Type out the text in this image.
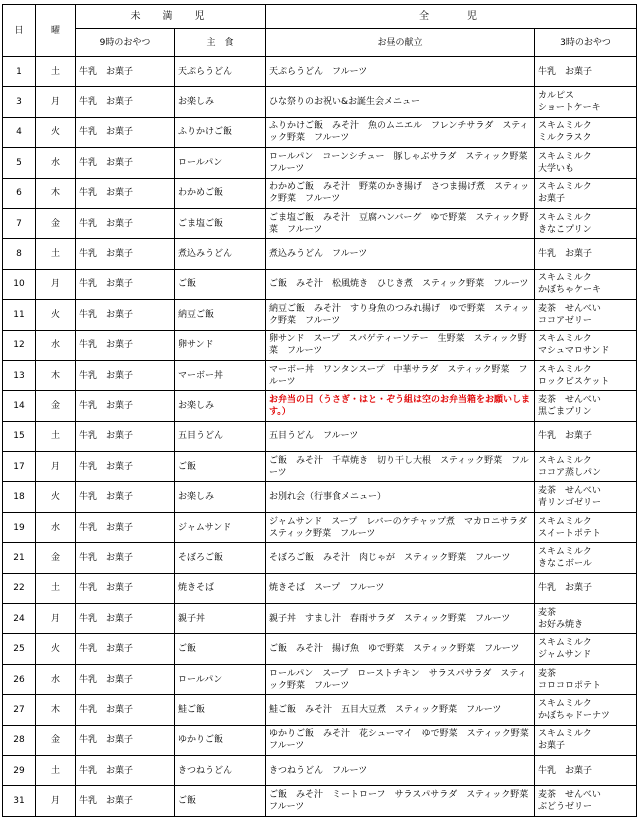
日	曜	未　満　児		全　　児	
		9時のおやつ	主　食	お昼の献立	3時のおやつ
1	土	牛乳　お菓子	天ぷらうどん	天ぷらうどん　フルーツ	牛乳　お菓子

3	月	牛乳　お菓子	お楽しみ	ひな祭りのお祝い&お誕生会メニュー	カルピス
ショートケーキ

4	火	牛乳　お菓子	ふりかけご飯	ふりかけご飯　みそ汁　魚のムニエル　フレンチサラダ　スティック野菜　フルーツ	スキムミルク
ミルクラスク

5	水	牛乳　お菓子	ロールパン	ロールパン　コーンシチュー　豚しゃぶサラダ　スティック野菜　フルーツ	スキムミルク
大学いも

6	木	牛乳　お菓子	わかめご飯	わかめご飯　みそ汁　野菜のかき揚げ　さつま揚げ煮　スティック野菜　フルーツ	スキムミルク
お菓子

7	金	牛乳　お菓子	ごま塩ご飯	ごま塩ご飯　みそ汁　豆腐ハンバーグ　ゆで野菜　スティック野菜　フルーツ	スキムミルク
きなこプリン

8	土	牛乳　お菓子	煮込みうどん	煮込みうどん　フルーツ	牛乳　お菓子

10	月	牛乳　お菓子	ご飯	ご飯　みそ汁　松風焼き　ひじき煮　スティック野菜　フルーツ	スキムミルク
かぼちゃケーキ

11	火	牛乳　お菓子	納豆ご飯	納豆ご飯　みそ汁　すり身魚のつみれ揚げ　ゆで野菜　スティック野菜　フルーツ	麦茶　せんべい
ココアゼリー

12	水	牛乳　お菓子	卵サンド	卵サンド　スープ　スパゲティーソテー　生野菜　スティック野菜　フルーツ	スキムミルク
マシュマロサンド

13	木	牛乳　お菓子	マーボー丼	マーボー丼　ワンタンスープ　中華サラダ　スティック野菜　フルーツ	スキムミルク
ロックビスケット

14	金	牛乳　お菓子	お楽しみ	お弁当の日（うさぎ・はと・ぞう組は空のお弁当箱をお願いします。）	麦茶　せんべい
黒ごまプリン

15	土	牛乳　お菓子	五目うどん	五目うどん　フルーツ	牛乳　お菓子

17	月	牛乳　お菓子	ご飯	ご飯　みそ汁　千草焼き　切り干し大根　スティック野菜　フルーツ	スキムミルク
ココア蒸しパン

18	火	牛乳　お菓子	お楽しみ	お別れ会（行事食メニュー）	麦茶　せんべい
青リンゴゼリー

19	水	牛乳　お菓子	ジャムサンド	ジャムサンド　スープ　レバーのケチャップ煮　マカロニサラダ　スティック野菜　フルーツ	スキムミルク
スイートポテト

21	金	牛乳　お菓子	そぼろご飯	そぼろご飯　みそ汁　肉じゃが　スティック野菜　フルーツ	スキムミルク
きなこボール

22	土	牛乳　お菓子	焼きそば	焼きそば　スープ　フルーツ	牛乳　お菓子

24	月	牛乳　お菓子	親子丼	親子丼　すまし汁　春雨サラダ　スティック野菜　フルーツ	麦茶
お好み焼き

25	火	牛乳　お菓子	ご飯	ご飯　みそ汁　揚げ魚　ゆで野菜　スティック野菜　フルーツ	スキムミルク
ジャムサンド

26	水	牛乳　お菓子	ロールパン	ロールパン　スープ　ローストチキン　サラスパサラダ　スティック野菜　フルーツ	麦茶
コロコロポテト

27	木	牛乳　お菓子	鮭ご飯	鮭ご飯　みそ汁　五目大豆煮　スティック野菜　フルーツ	スキムミルク
かぼちゃドーナツ

28	金	牛乳　お菓子	ゆかりご飯	ゆかりご飯　みそ汁　花シューマイ　ゆで野菜　スティック野菜　フルーツ	スキムミルク
お菓子

29	土	牛乳　お菓子	きつねうどん	きつねうどん　フルーツ	牛乳　お菓子

31	月	牛乳　お菓子	ご飯	ご飯　みそ汁　ミートローフ　サラスパサラダ　スティック野菜　フルーツ	麦茶　せんべい
ぶどうゼリー
